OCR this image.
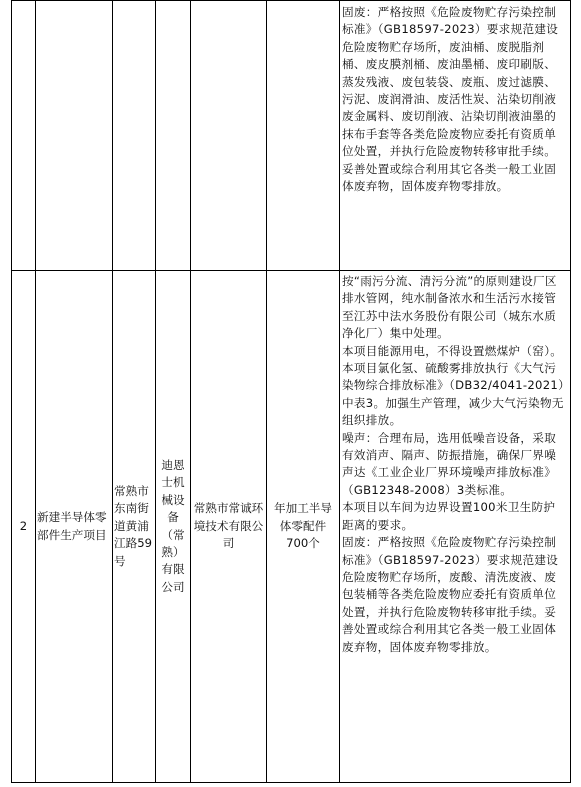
固废：严格按照《危险废物贮存污染控制标准》（GB18597-2023）要求规范建设危险废物贮存场所，废油桶、废脱脂剂桶、废皮膜剂桶、废油墨桶、废印刷版、蒸发残液、废包装袋、废瓶、废过滤膜、污泥、废润滑油、废活性炭、沾染切削液废金属料、废切削液、沾染切削液油墨的抹布手套等各类危险废物应委托有资质单位处置，并执行危险废物转移审批手续。妥善处置或综合利用其它各类一般工业固体废弃物，固体废弃物零排放。

2
新建半导体零部件生产项目
常熟市东南街道黄浦江路59号
迪恩士机械设备（常熟）有限公司
常熟市常诚环境技术有限公司
年加工半导体零配件700个

按“雨污分流、清污分流”的原则建设厂区排水管网，纯水制备浓水和生活污水接管至江苏中法水务股份有限公司（城东水质净化厂）集中处理。

本项目能源用电，不得设置燃煤炉（窑）。本项目氯化氢、硫酸雾排放执行《大气污染物综合排放标准》（DB32/4041-2021）中表3。加强生产管理，减少大气污染物无组织排放。

噪声：合理布局，选用低噪音设备，采取有效消声、隔声、防振措施，确保厂界噪声达《工业企业厂界环境噪声排放标准》（GB12348-2008）3类标准。

本项目以车间为边界设置100米卫生防护距离的要求。

固废：严格按照《危险废物贮存污染控制标准》（GB18597-2023）要求规范建设危险废物贮存场所，废酸、清洗废液、废包装桶等各类危险废物应委托有资质单位处置，并执行危险废物转移审批手续。妥善处置或综合利用其它各类一般工业固体废弃物，固体废弃物零排放。
